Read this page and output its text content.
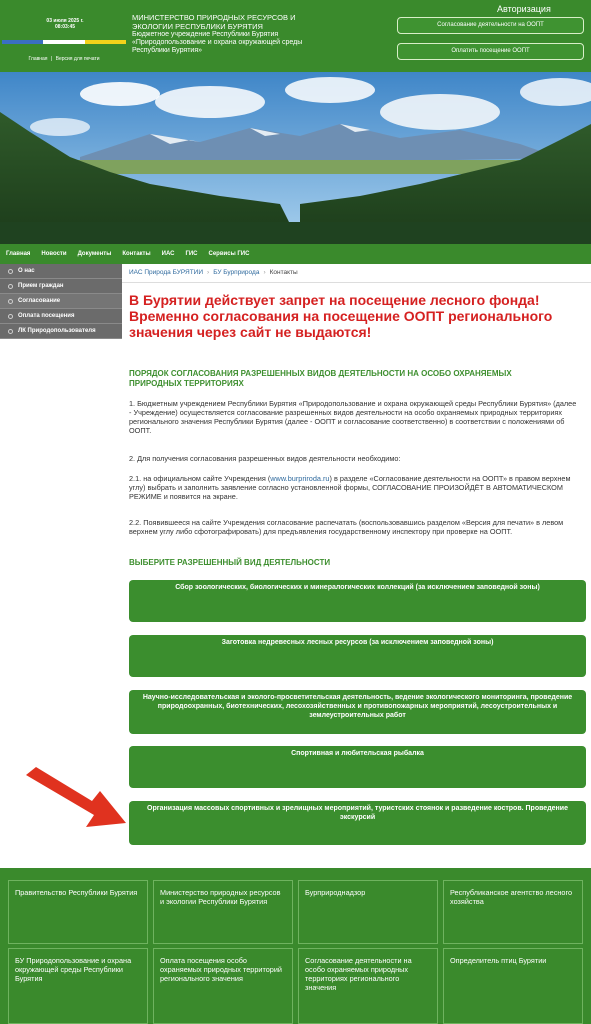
03 июля 2025 г.
08:03:45
Главная | Версия для печати
МИНИСТЕРСТВО ПРИРОДНЫХ РЕСУРСОВ И ЭКОЛОГИИ РЕСПУБЛИКИ БУРЯТИЯ
Бюджетное учреждение Республики Бурятия «Природопользование и охрана окружающей среды Республики Бурятия»
Авторизация
Согласование деятельности на ООПТ
Оплатить посещение ООПТ
Главная Новости Документы Контакты ИАС ГИС Сервисы ГИС
О нас
Прием граждан
Согласование
Оплата посещения
ЛК Природопользователя
ИАС Природа БУРЯТИИ › БУ Бурприрода › Контакты
В Бурятии действует запрет на посещение лесного фонда! Временно согласования на посещение ООПТ регионального значения через сайт не выдаются!
ПОРЯДОК СОГЛАСОВАНИЯ РАЗРЕШЕННЫХ ВИДОВ ДЕЯТЕЛЬНОСТИ НА ОСОБО ОХРАНЯЕМЫХ ПРИРОДНЫХ ТЕРРИТОРИЯХ
1. Бюджетным учреждением Республики Бурятия «Природопользование и охрана окружающей среды Республики Бурятия» (далее - Учреждение) осуществляется согласование разрешенных видов деятельности на особо охраняемых природных территориях регионального значения Республики Бурятия (далее - ООПТ и согласование соответственно) в соответствии с положениями об ООПТ.
2. Для получения согласования разрешенных видов деятельности необходимо:
2.1. на официальном сайте Учреждения (www.burpriroda.ru) в разделе «Согласование деятельности на ООПТ» в правом верхнем углу) выбрать и заполнить заявление согласно установленной формы, СОГЛАСОВАНИЕ ПРОИЗОЙДЁТ В АВТОМАТИЧЕСКОМ РЕЖИМЕ и появится на экране.
2.2. Появившееся на сайте Учреждения согласование распечатать (воспользовавшись разделом «Версия для печати» в левом верхнем углу либо сфотографировать) для предъявления государственному инспектору при проверке на ООПТ.
ВЫБЕРИТЕ РАЗРЕШЕННЫЙ ВИД ДЕЯТЕЛЬНОСТИ
Сбор зоологических, биологических и минералогических коллекций (за исключением заповедной зоны)
Заготовка недревесных лесных ресурсов (за исключением заповедной зоны)
Научно-исследовательская и эколого-просветительская деятельность, ведение экологического мониторинга, проведение природоохранных, биотехнических, лесохозяйственных и противопожарных мероприятий, лесоустроительных и землеустроительных работ
Спортивная и любительская рыбалка
Организация массовых спортивных и зрелищных мероприятий, туристских стоянок и разведение костров. Проведение экскурсий
Правительство Республики Бурятия	Министерство природных ресурсов и экологии Республики Бурятия
Бурприроднадзор	Республиканское агентство лесного хозяйства
БУ Природопользование и охрана окружающей среды Республики Бурятия
Оплата посещения особо охраняемых природных территорий регионального значения
Согласование деятельности на особо охраняемых природных территориях регионального значения
Определитель птиц Бурятии
